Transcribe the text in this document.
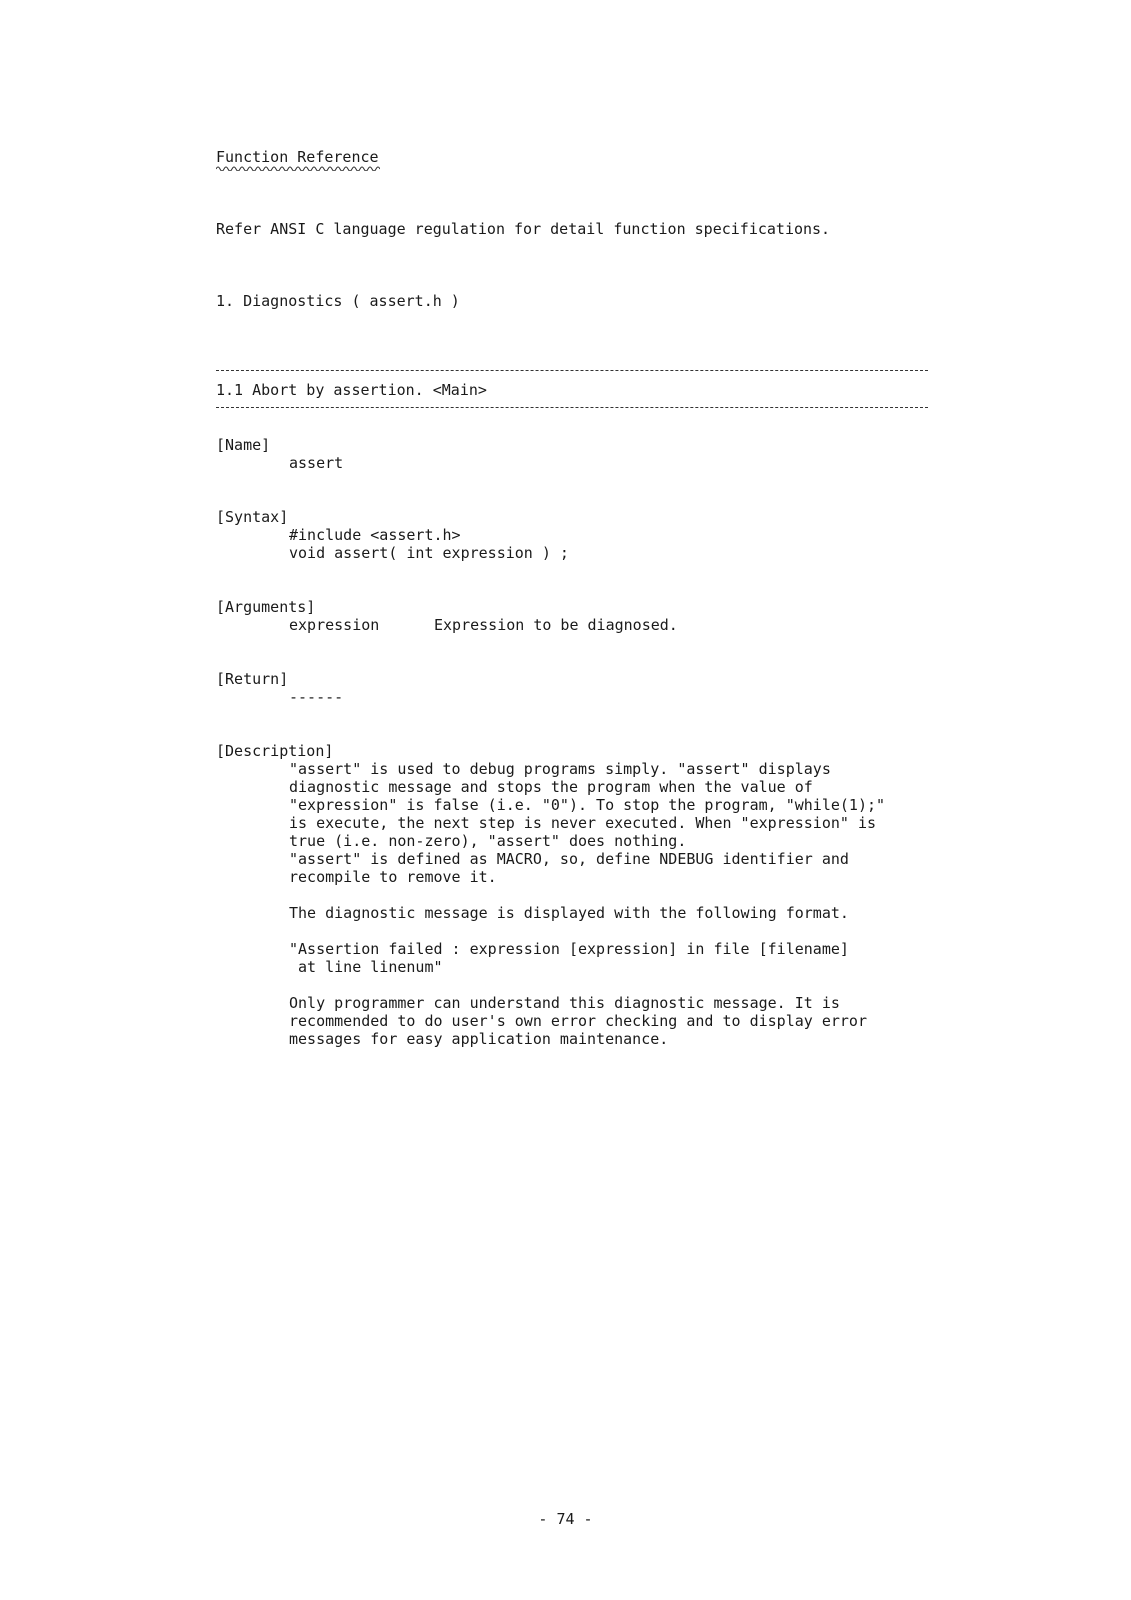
Function Reference
Refer ANSI C language regulation for detail function specifications.
1. Diagnostics ( assert.h )
1.1 Abort by assertion. <Main>
[Name]
assert
[Syntax]
#include <assert.h>
void assert( int expression ) ;
[Arguments]
expression	Expression to be diagnosed.
[Return]
------
[Description]
"assert" is used to debug programs simply. "assert" displays
diagnostic message and stops the program when the value of
"expression" is false (i.e. "0"). To stop the program, "while(1);"
is execute, the next step is never executed. When "expression" is
true (i.e. non-zero), "assert" does nothing.
"assert" is defined as MACRO, so, define NDEBUG identifier and
recompile to remove it.
The diagnostic message is displayed with the following format.
"Assertion failed : expression [expression] in file [filename]
at line linenum"
Only programmer can understand this diagnostic message. It is
recommended to do user's own error checking and to display error
messages for easy application maintenance.
- 74 -
